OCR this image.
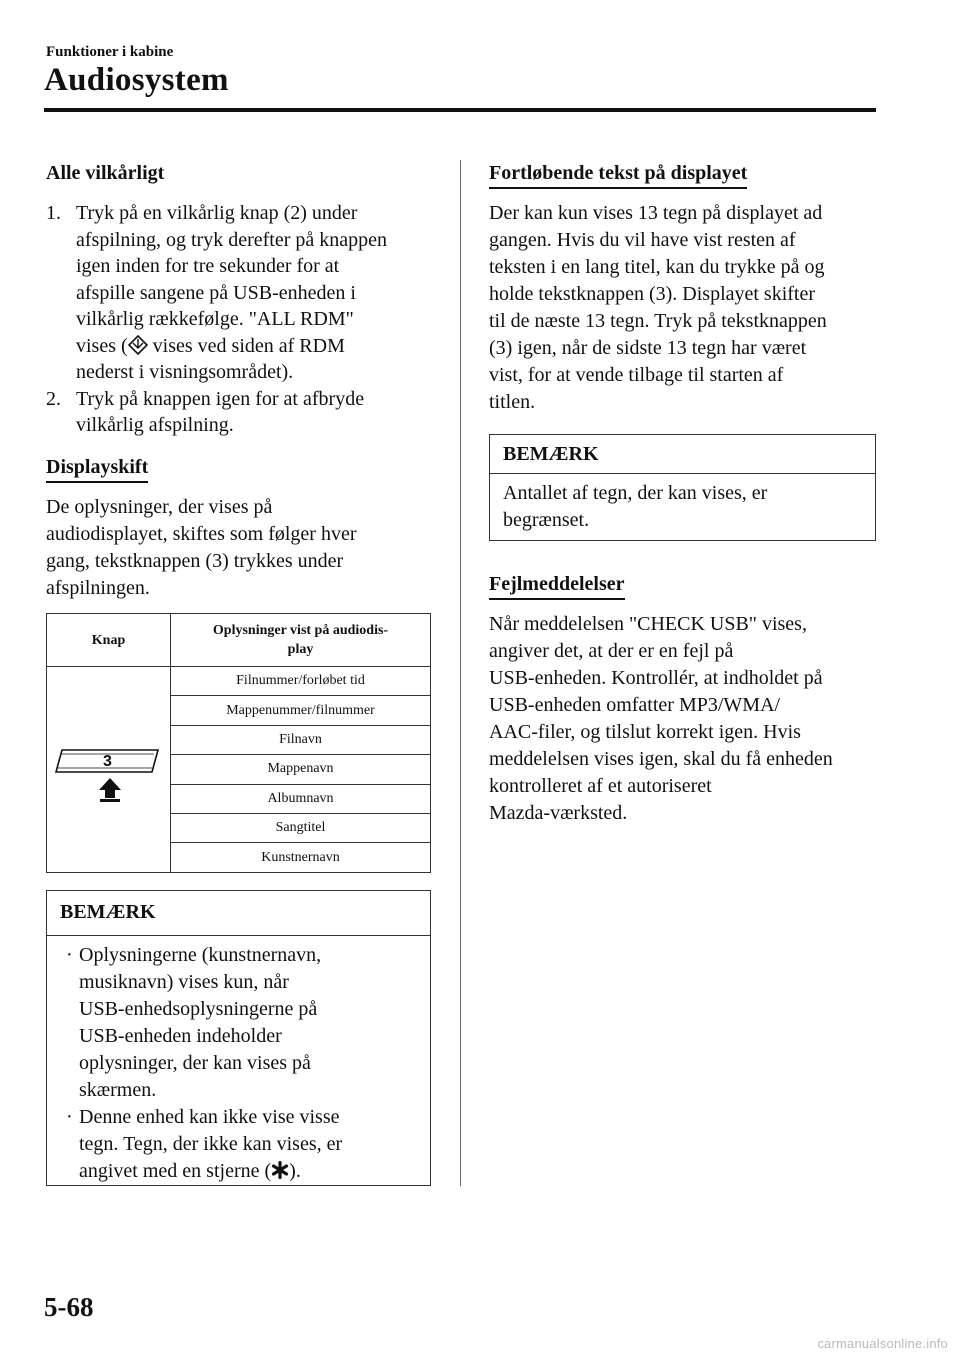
Funktioner i kabine
Audiosystem
Alle vilkårligt
1. Tryk på en vilkårlig knap (2) under
afspilning, og tryk derefter på knappen
igen inden for tre sekunder for at
afspille sangene på USB-enheden i
vilkårlig rækkefølge. "ALL RDM"
vises ( vises ved siden af RDM
nederst i visningsområdet).
2. Tryk på knappen igen for at afbryde
vilkårlig afspilning.
Displayskift
De oplysninger, der vises på
audiodisplayet, skiftes som følger hver
gang, tekstknappen (3) trykkes under
afspilningen.
Knap	Oplysninger vist på audiodis-
play

3	Filnummer/forløbet tid
	Mappenummer/filnummer
	Filnavn
	Mappenavn
	Albumnavn
	Sangtitel
	Kunstnernavn
BEMÆRK
· Oplysningerne (kunstnernavn,
musiknavn) vises kun, når
USB-enhedsoplysningerne på
USB-enheden indeholder
oplysninger, der kan vises på
skærmen.
· Denne enhed kan ikke vise visse
tegn. Tegn, der ikke kan vises, er
angivet med en stjerne ( ).
Fortløbende tekst på displayet
Der kan kun vises 13 tegn på displayet ad
gangen. Hvis du vil have vist resten af
teksten i en lang titel, kan du trykke på og
holde tekstknappen (3). Displayet skifter
til de næste 13 tegn. Tryk på tekstknappen
(3) igen, når de sidste 13 tegn har været
vist, for at vende tilbage til starten af
titlen.
BEMÆRK
Antallet af tegn, der kan vises, er
begrænset.
Fejlmeddelelser
Når meddelelsen "CHECK USB" vises,
angiver det, at der er en fejl på
USB-enheden. Kontrollér, at indholdet på
USB-enheden omfatter MP3/WMA/
AAC-filer, og tilslut korrekt igen. Hvis
meddelelsen vises igen, skal du få enheden
kontrolleret af et autoriseret
Mazda-værksted.
5-68
carmanualsonline.info
